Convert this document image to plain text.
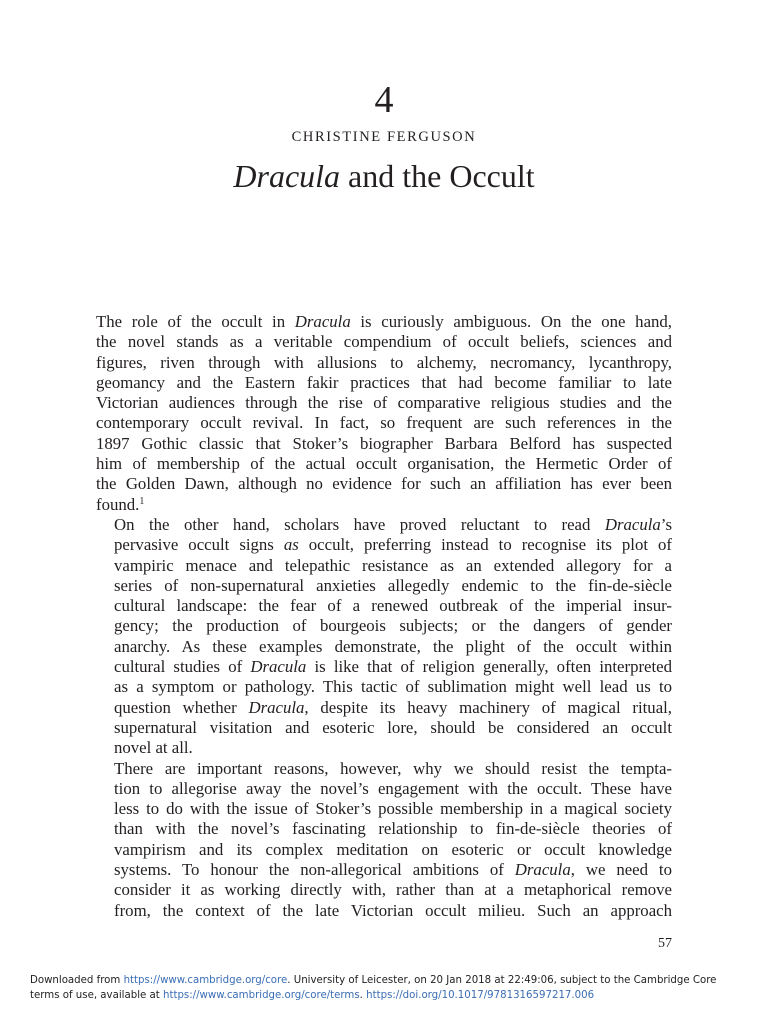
4
CHRISTINE FERGUSON
Dracula and the Occult
The role of the occult in Dracula is curiously ambiguous. On the one hand,
the novel stands as a veritable compendium of occult beliefs, sciences and
figures, riven through with allusions to alchemy, necromancy, lycanthropy,
geomancy and the Eastern fakir practices that had become familiar to late
Victorian audiences through the rise of comparative religious studies and the
contemporary occult revival. In fact, so frequent are such references in the
1897 Gothic classic that Stoker’s biographer Barbara Belford has suspected
him of membership of the actual occult organisation, the Hermetic Order of
the Golden Dawn, although no evidence for such an affiliation has ever been
found.$^1$
On the other hand, scholars have proved reluctant to read Dracula’s
pervasive occult signs as occult, preferring instead to recognise its plot of
vampiric menace and telepathic resistance as an extended allegory for a
series of non-supernatural anxieties allegedly endemic to the fin-de-siècle
cultural landscape: the fear of a renewed outbreak of the imperial insur-
gency; the production of bourgeois subjects; or the dangers of gender
anarchy. As these examples demonstrate, the plight of the occult within
cultural studies of Dracula is like that of religion generally, often interpreted
as a symptom or pathology. This tactic of sublimation might well lead us to
question whether Dracula, despite its heavy machinery of magical ritual,
supernatural visitation and esoteric lore, should be considered an occult
novel at all.
There are important reasons, however, why we should resist the tempta-
tion to allegorise away the novel’s engagement with the occult. These have
less to do with the issue of Stoker’s possible membership in a magical society
than with the novel’s fascinating relationship to fin-de-siècle theories of
vampirism and its complex meditation on esoteric or occult knowledge
systems. To honour the non-allegorical ambitions of Dracula, we need to
consider it as working directly with, rather than at a metaphorical remove
from, the context of the late Victorian occult milieu. Such an approach
57
Downloaded from https://www.cambridge.org/core. University of Leicester, on 20 Jan 2018 at 22:49:06, subject to the Cambridge Core
terms of use, available at https://www.cambridge.org/core/terms. https://doi.org/10.1017/9781316597217.006
